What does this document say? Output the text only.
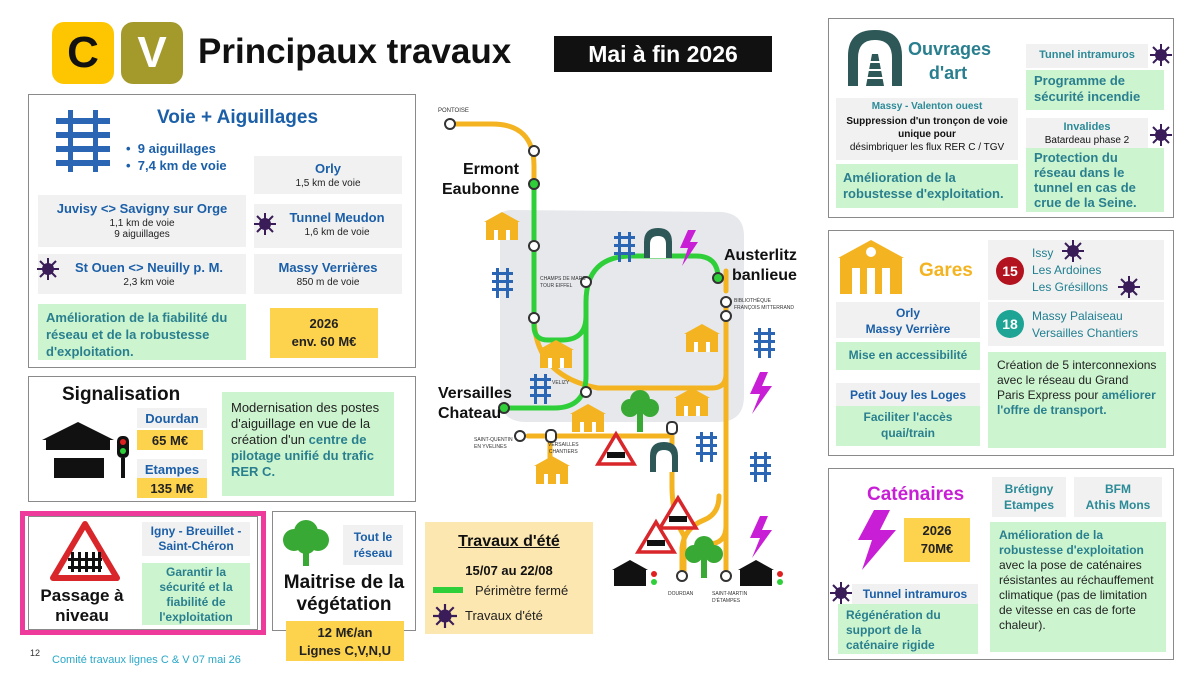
C V Principaux travaux	Mai à fin 2026
Voie + Aiguillages
•  9 aiguillages
•  7,4 km de voie	Orly
1,5 km de voie
Juvisy <> Savigny sur Orge
1,1 km de voie
9 aiguillages
Tunnel Meudon
1,6 km de voie
St Ouen <> Neuilly p. M.
2,3 km voie
Massy Verrières
850 m de voie
Amélioration de la fiabilité du réseau et de la robustesse d'exploitation.
2026
env. 60 M€
Signalisation
Dourdan
65 M€
Etampes
135 M€
Modernisation des postes d'aiguillage en vue de la création d'un centre de pilotage unifié du trafic RER C.
Passage à niveau
Igny - Breuillet - Saint-Chéron
Garantir la sécurité et la fiabilité de l'exploitation
Tout le réseau
Maitrise de la végétation
12 M€/an
Lignes C,V,N,U
Travaux d'été
15/07 au 22/08
Périmètre fermé
Travaux d'été
PONTOISE
Ermont
Eaubonne
Austerlitz
banlieue
CHAMPS DE MARS
TOUR EIFFEL
BIBLIOTHÈQUE
FRANÇOIS MITTERRAND
Versailles
Chateau
VELIZY
SAINT-QUENTIN
EN YVELINES	VERSAILLES
CHANTIERS
DOURDAN	SAINT-MARTIN
D'ÉTAMPES
Ouvrages d'art
Massy - Valenton ouest
Suppression d'un tronçon de voie unique pour
désimbriquer les flux RER C / TGV
Amélioration de la robustesse d'exploitation.
Tunnel intramuros
Programme de sécurité incendie
Invalides
Batardeau phase 2
Protection du réseau dans le tunnel en cas de crue de la Seine.
Gares 15
Issy
Les Ardoines
Les Grésillons
18 Massy Palaiseau
Versailles Chantiers
Orly
Massy Verrière
Mise en accessibilité
Petit Jouy les Loges
Faciliter l'accès quai/train
Création de 5 interconnexions avec le réseau du Grand Paris Express pour améliorer l'offre de transport.
Caténaires	Brétigny
Etampes
BFM
Athis Mons
2026
70M€
Amélioration de la robustesse d'exploitation avec la pose de caténaires résistantes au réchauffement climatique (pas de limitation de vitesse en cas de forte chaleur).
Tunnel intramuros
Régénération du support de la caténaire rigide
12
Comité travaux lignes C & V 07 mai 26
